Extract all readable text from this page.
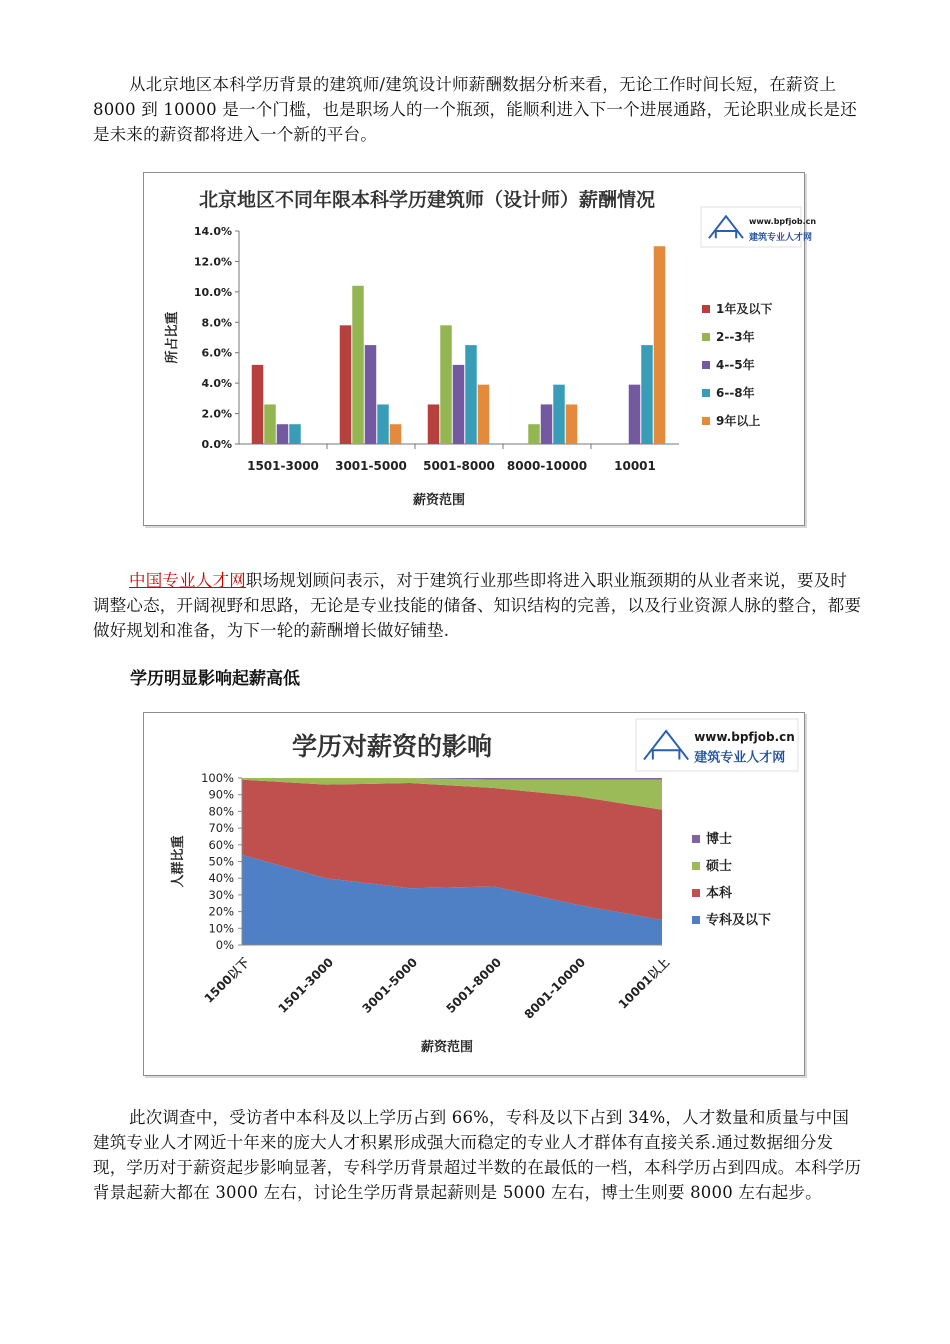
从北京地区本科学历背景的建筑师/建筑设计师薪酬数据分析来看，无论工作时间长短，在薪资上 8000 到 10000 是一个门槛，也是职场人的一个瓶颈，能顺利进入下一个进展通路，无论职业成长是还是未来的薪资都将进入一个新的平台。
北京地区不同年限本科学历建筑师（设计师）薪酬情况
www.bpfjob.cn
建筑专业人才网
0.0%
2.0%
4.0%
6.0%
8.0%
10.0%
12.0%
14.0%
1501-3000 3001-5000 5001-8000 8000-10000 10001
薪资范围
所占比重
1年及以下
2--3年
4--5年
6--8年
9年以上
中国专业人才网职场规划顾问表示，对于建筑行业那些即将进入职业瓶颈期的从业者来说，要及时调整心态，开阔视野和思路，无论是专业技能的储备、知识结构的完善，以及行业资源人脉的整合，都要做好规划和准备，为下一轮的薪酬增长做好铺垫.
学历明显影响起薪高低
学历对薪资的影响	www.bpfjob.cn
建筑专业人才网
0%
10%
20%
30%
40%
50%
60%
70%
80%
90%
100%
1500以下 1501-3000 3001-5000 5001-8000 8001-10000 10001以上
薪资范围
人群比重	博士
硕士
本科
专科及以下
此次调查中，受访者中本科及以上学历占到 66%，专科及以下占到 34%，人才数量和质量与中国建筑专业人才网近十年来的庞大人才积累形成强大而稳定的专业人才群体有直接关系.通过数据细分发现，学历对于薪资起步影响显著，专科学历背景超过半数的在最低的一档，本科学历占到四成。本科学历背景起薪大都在 3000 左右，讨论生学历背景起薪则是 5000 左右，博士生则要 8000 左右起步。
